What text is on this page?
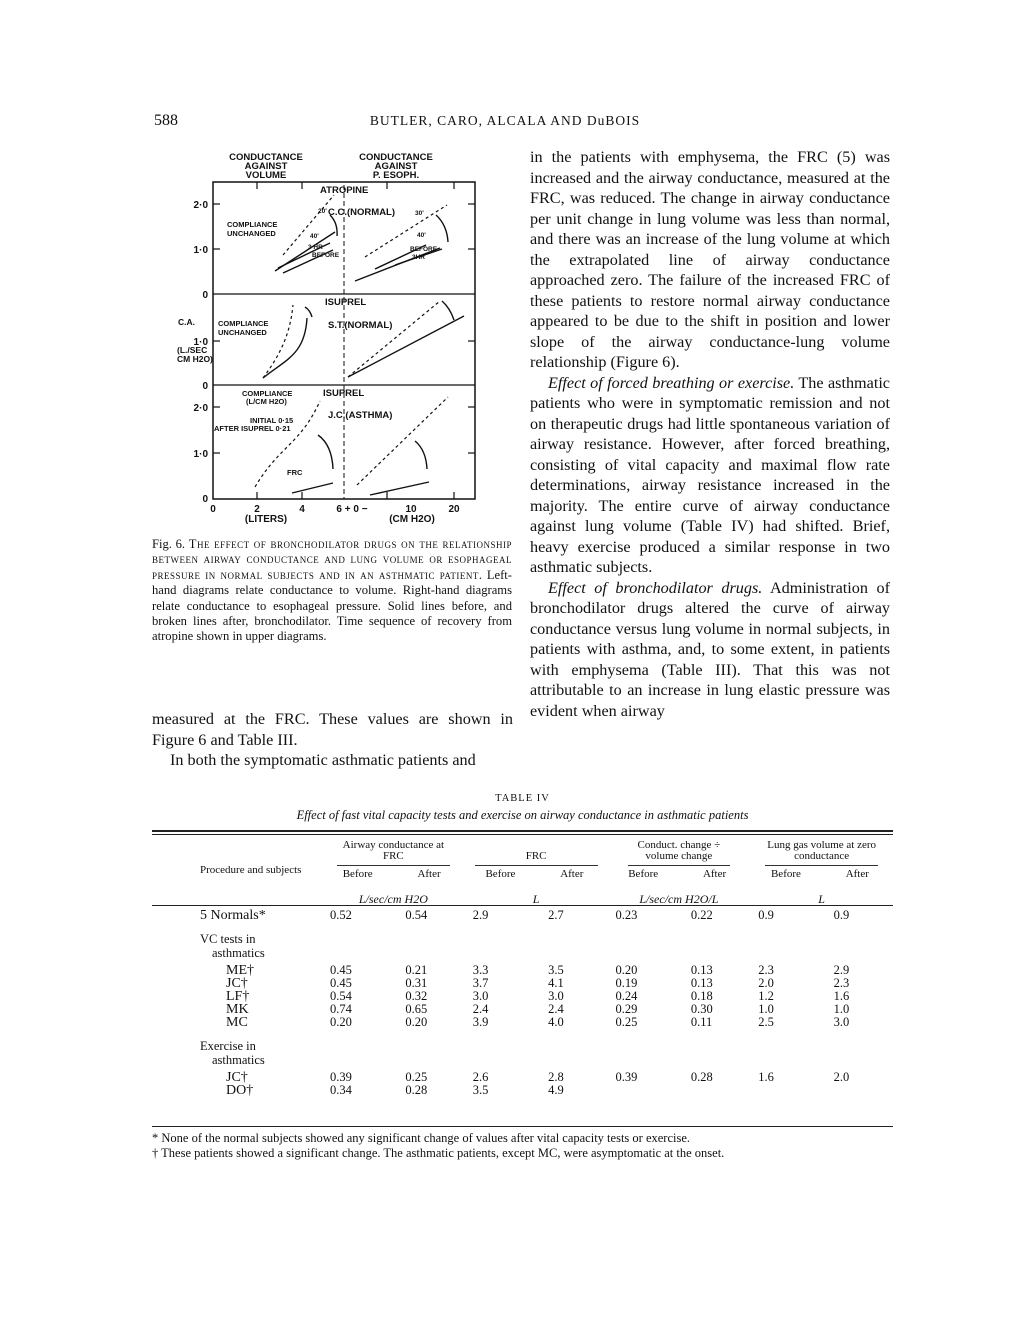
588	BUTLER, CARO, ALCALA AND DuBOIS
CONDUCTANCE
AGAINST
VOLUME
CONDUCTANCE
AGAINST
P. ESOPH.
2·0
1·0
0
1·0
0
2·0
1·0
0
C.A.
(L./SEC
CM H2O)
0	2	4	6 + 0 −	10	20
(LITERS)	(CM H2O)
ATROPINE
C.C.(NORMAL)
ISUPREL
S.T.(NORMAL)
ISUPREL
J.C.(ASTHMA)
COMPLIANCE
UNCHANGED
COMPLIANCE
UNCHANGED
COMPLIANCE
(L/CM H2O)
INITIAL 0·15
AFTER ISUPREL 0·21
FRC
20'
40'
3 HR
BEFORE
30'
40'
BEFORE
3HR
Fig. 6. The effect of bronchodilator drugs on the relationship between airway conductance and lung volume or esophageal pressure in normal subjects and in an asthmatic patient. Left-hand diagrams relate conductance to volume. Right-hand diagrams relate conductance to esophageal pressure. Solid lines before, and broken lines after, bronchodilator. Time sequence of recovery from atropine shown in upper diagrams.

measured at the FRC. These values are shown in Figure 6 and Table III.

In both the symptomatic asthmatic patients and

in the patients with emphysema, the FRC (5) was increased and the airway conductance, measured at the FRC, was reduced. The change in airway conductance per unit change in lung volume was less than normal, and there was an increase of the lung volume at which the extrapolated line of airway conductance approached zero. The failure of the increased FRC of these patients to restore normal airway conductance appeared to be due to the shift in position and lower slope of the airway conductance-lung volume relationship (Figure 6).

Effect of forced breathing or exercise. The asthmatic patients who were in symptomatic remission and not on therapeutic drugs had little spontaneous variation of airway resistance. However, after forced breathing, consisting of vital capacity and maximal flow rate determinations, airway resistance increased in the majority. The entire curve of airway conductance against lung volume (Table IV) had shifted. Brief, heavy exercise produced a similar response in two asthmatic subjects.

Effect of bronchodilator drugs. Administration of bronchodilator drugs altered the curve of airway conductance versus lung volume in normal subjects, in patients with asthma, and, to some extent, in patients with emphysema (Table III). That this was not attributable to an increase in lung elastic pressure was evident when airway

TABLE IV
Effect of fast vital capacity tests and exercise on airway conductance in asthmatic patients
Procedure and subjects	Airway conductance at FRC		FRC		Conduct. change ÷ volume change		Lung gas volume at zero conductance	

	Before	After	Before	After	Before	After	Before	After
	L/sec/cm H2O		L		L/sec/cm H2O/L		L	
5 Normals*	0.52	0.54	2.9	2.7	0.23	0.22	0.9	0.9

VC tests in asthmatics								

ME†	0.45	0.21	3.3	3.5	0.20	0.13	2.3	2.9
JC†	0.45	0.31	3.7	4.1	0.19	0.13	2.0	2.3
LF†	0.54	0.32	3.0	3.0	0.24	0.18	1.2	1.6
MK	0.74	0.65	2.4	2.4	0.29	0.30	1.0	1.0
MC	0.20	0.20	3.9	4.0	0.25	0.11	2.5	3.0

Exercise in asthmatics								

JC†	0.39	0.25	2.6	2.8	0.39	0.28	1.6	2.0
DO†	0.34	0.28	3.5	4.9				
* None of the normal subjects showed any significant change of values after vital capacity tests or exercise.
† These patients showed a significant change. The asthmatic patients, except MC, were asymptomatic at the onset.
